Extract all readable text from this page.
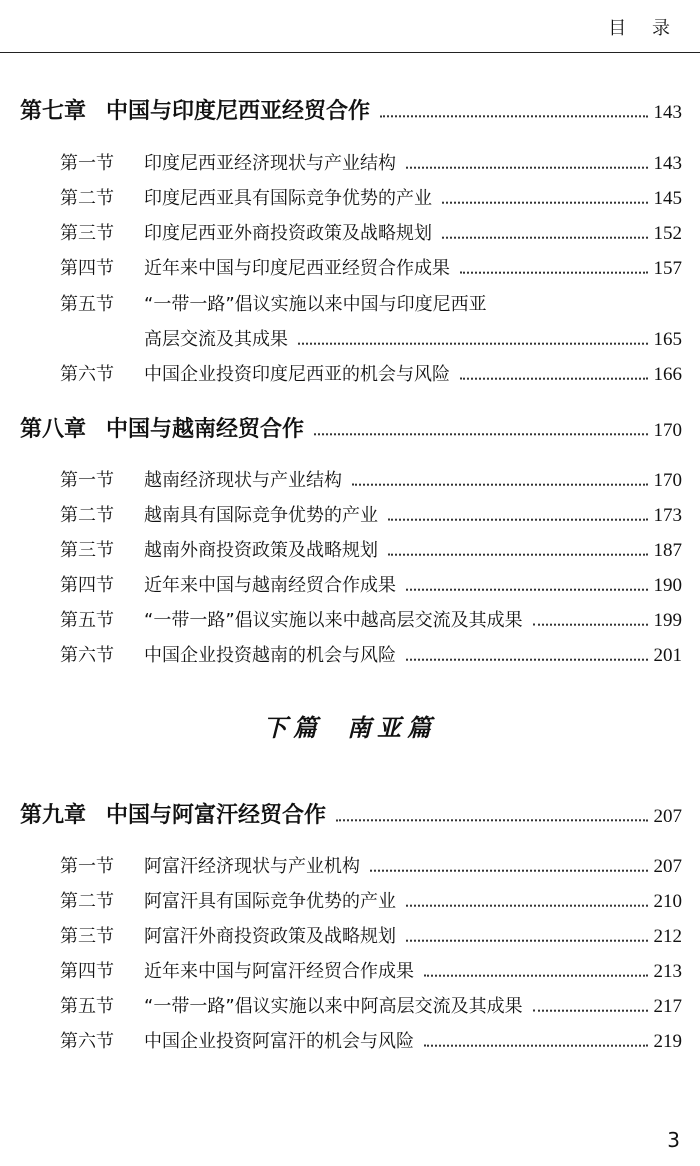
目 录
第七章 中国与印度尼西亚经贸合作	143
第一节 印度尼西亚经济现状与产业结构	143
第二节 印度尼西亚具有国际竞争优势的产业	145
第三节 印度尼西亚外商投资政策及战略规划	152
第四节 近年来中国与印度尼西亚经贸合作成果	157
第五节 “一带一路”倡议实施以来中国与印度尼西亚
高层交流及其成果	165
第六节 中国企业投资印度尼西亚的机会与风险	166
第八章 中国与越南经贸合作	170
第一节 越南经济现状与产业结构	170
第二节 越南具有国际竞争优势的产业	173
第三节 越南外商投资政策及战略规划	187
第四节 近年来中国与越南经贸合作成果	190
第五节 “一带一路”倡议实施以来中越高层交流及其成果	199
第六节 中国企业投资越南的机会与风险	201
下篇 南亚篇
第九章 中国与阿富汗经贸合作	207
第一节 阿富汗经济现状与产业机构	207
第二节 阿富汗具有国际竞争优势的产业	210
第三节 阿富汗外商投资政策及战略规划	212
第四节 近年来中国与阿富汗经贸合作成果	213
第五节 “一带一路”倡议实施以来中阿高层交流及其成果	217
第六节 中国企业投资阿富汗的机会与风险	219
3
